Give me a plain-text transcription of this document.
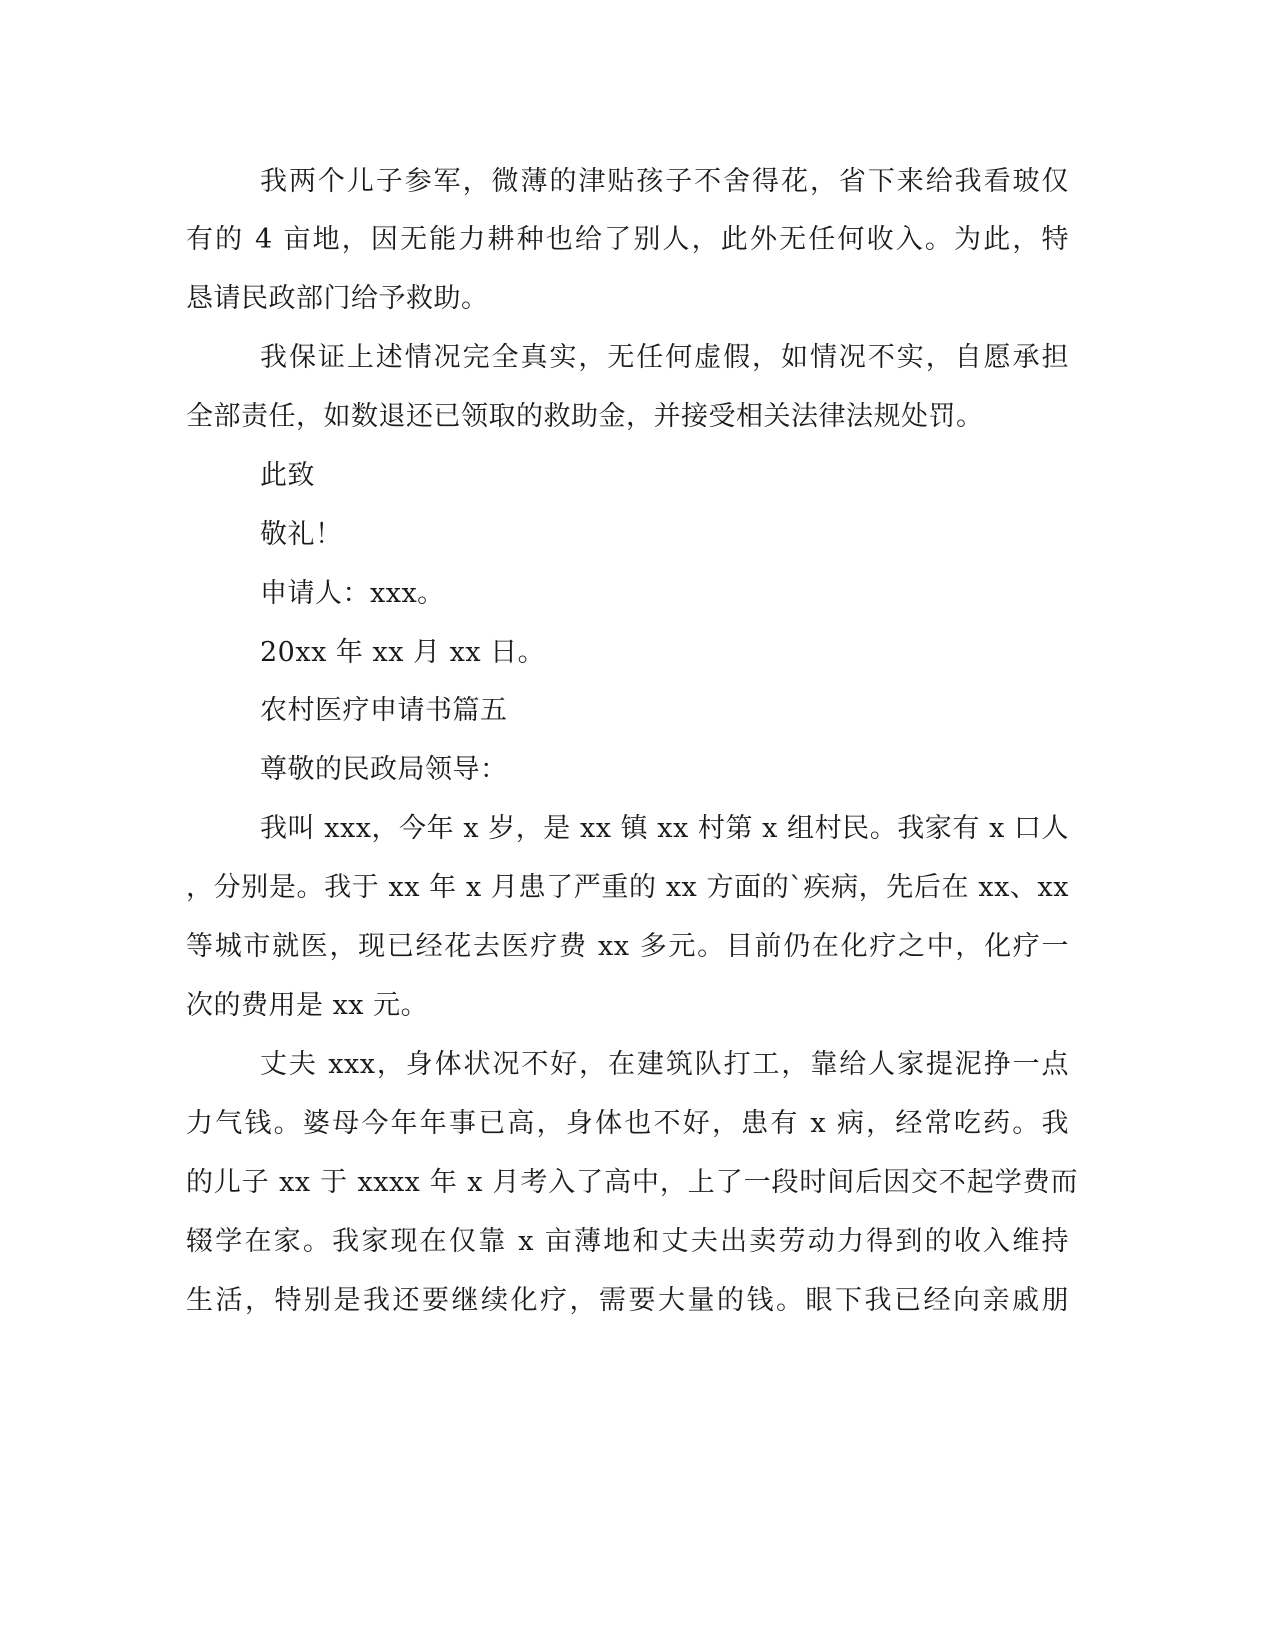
我两个儿子参军，微薄的津贴孩子不舍得花，省下来给我看玻仅
有的 4 亩地，因无能力耕种也给了别人，此外无任何收入。为此，特
恳请民政部门给予救助。
我保证上述情况完全真实，无任何虚假，如情况不实，自愿承担
全部责任，如数退还已领取的救助金，并接受相关法律法规处罚。
此致
敬礼！
申请人：xxx。
20xx 年 xx 月 xx 日。
农村医疗申请书篇五
尊敬的民政局领导：
我叫 xxx，今年 x 岁，是 xx 镇 xx 村第 x 组村民。我家有 x 口人
，分别是。我于 xx 年 x 月患了严重的 xx 方面的`疾病，先后在 xx、xx
等城市就医，现已经花去医疗费 xx 多元。目前仍在化疗之中，化疗一
次的费用是 xx 元。
丈夫 xxx，身体状况不好，在建筑队打工，靠给人家提泥挣一点
力气钱。婆母今年年事已高，身体也不好，患有 x 病，经常吃药。我
的儿子 xx 于 xxxx 年 x 月考入了高中，上了一段时间后因交不起学费而
辍学在家。我家现在仅靠 x 亩薄地和丈夫出卖劳动力得到的收入维持
生活，特别是我还要继续化疗，需要大量的钱。眼下我已经向亲戚朋
